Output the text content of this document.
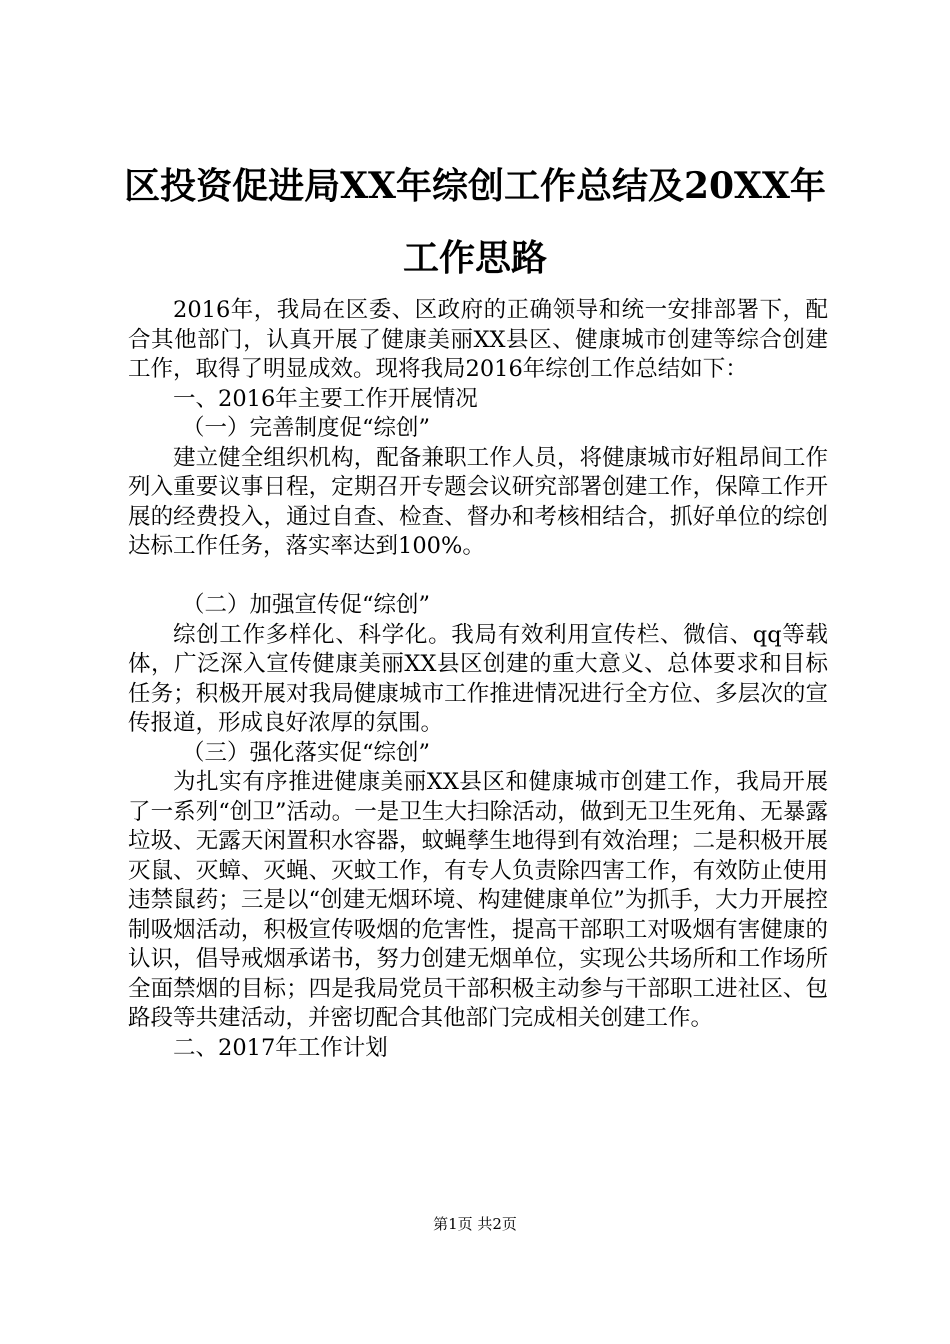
区投资促进局XX年综创工作总结及20XX年工作思路

2016年，我局在区委、区政府的正确领导和统一安排部署下，配合其他部门，认真开展了健康美丽XX县区、健康城市创建等综合创建工作，取得了明显成效。现将我局2016年综创工作总结如下：

一、2016年主要工作开展情况

（一）完善制度促“综创”

建立健全组织机构，配备兼职工作人员，将健康城市好粗昂间工作列入重要议事日程，定期召开专题会议研究部署创建工作，保障工作开展的经费投入，通过自查、检查、督办和考核相结合，抓好单位的综创达标工作任务，落实率达到100%。

（二）加强宣传促“综创”

综创工作多样化、科学化。我局有效利用宣传栏、微信、qq等载体，广泛深入宣传健康美丽XX县区创建的重大意义、总体要求和目标任务；积极开展对我局健康城市工作推进情况进行全方位、多层次的宣传报道，形成良好浓厚的氛围。

（三）强化落实促“综创”

为扎实有序推进健康美丽XX县区和健康城市创建工作，我局开展了一系列“创卫”活动。一是卫生大扫除活动，做到无卫生死角、无暴露垃圾、无露天闲置积水容器，蚊蝇孳生地得到有效治理；二是积极开展灭鼠、灭蟑、灭蝇、灭蚊工作，有专人负责除四害工作，有效防止使用违禁鼠药；三是以“创建无烟环境、构建健康单位”为抓手，大力开展控制吸烟活动，积极宣传吸烟的危害性，提高干部职工对吸烟有害健康的认识，倡导戒烟承诺书，努力创建无烟单位，实现公共场所和工作场所全面禁烟的目标；四是我局党员干部积极主动参与干部职工进社区、包路段等共建活动，并密切配合其他部门完成相关创建工作。

二、2017年工作计划

第1页 共2页
